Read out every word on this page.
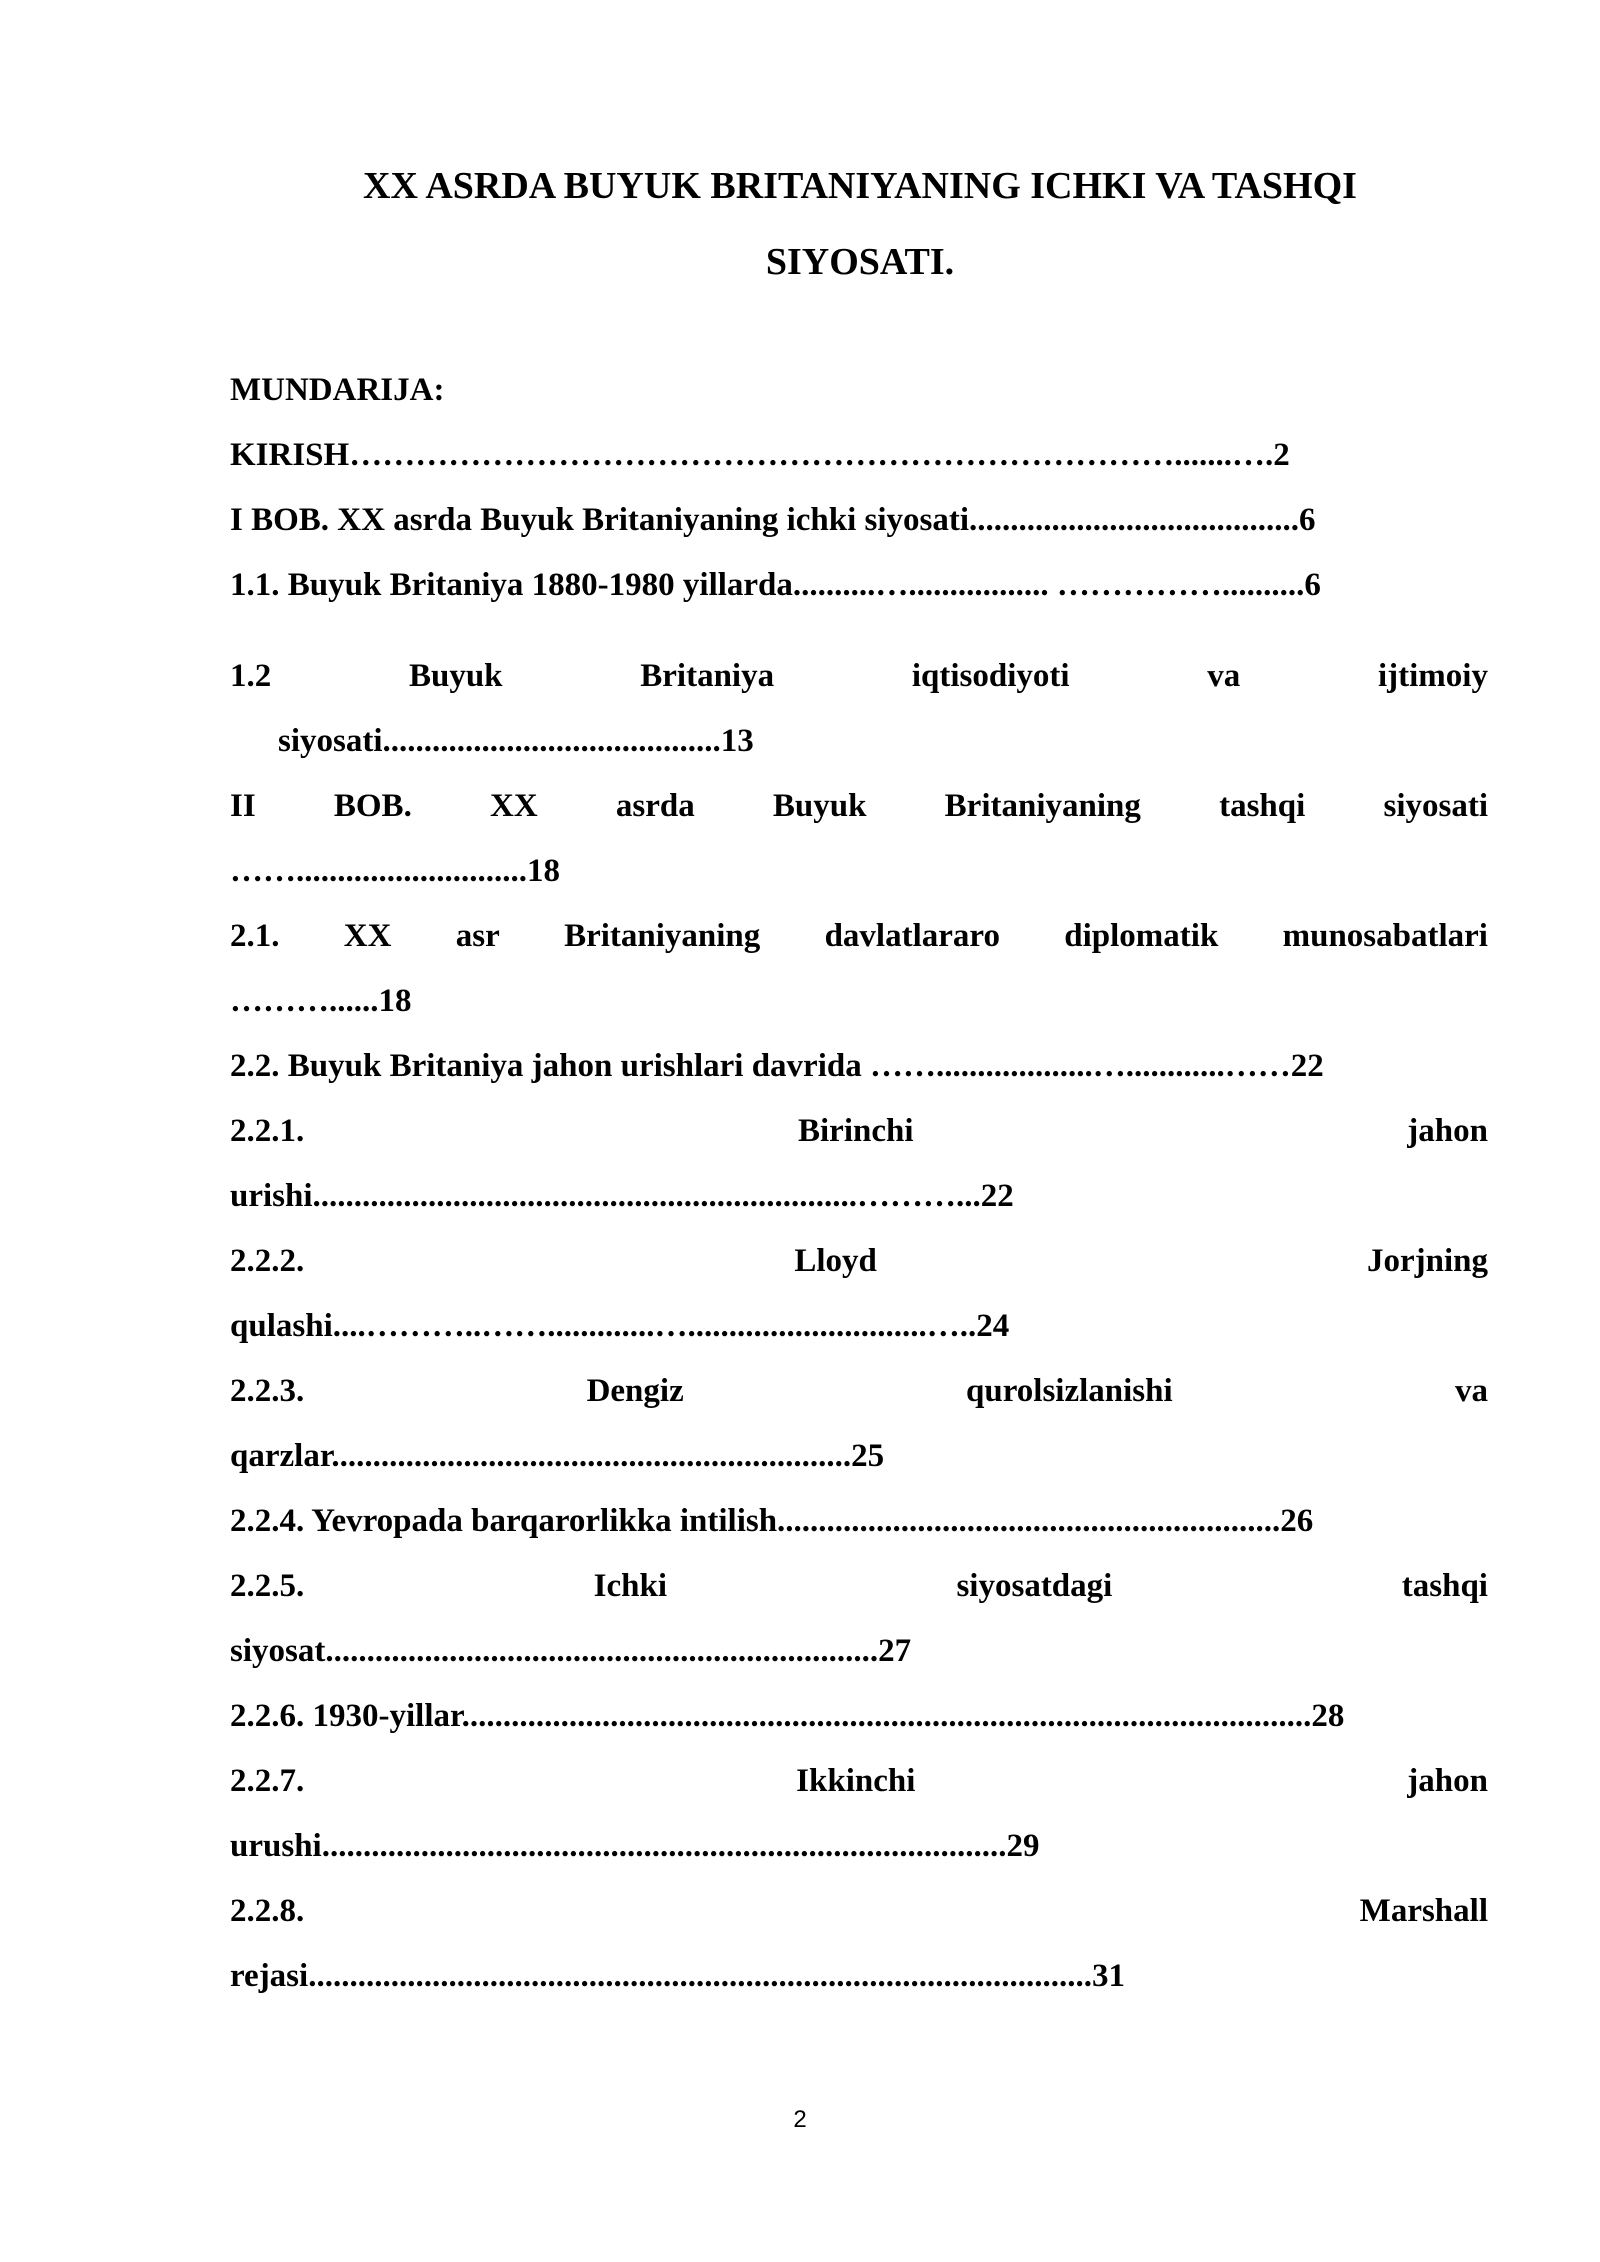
XX ASRDA BUYUK BRITANIYANING ICHKI VA TASHQI
SIYOSATI.
MUNDARIJA:
KIRISH………………………………………………………………….......….2
I BOB. XX asrda Buyuk Britaniyaning ichki siyosati........................................6
1.1. Buyuk Britaniya 1880-1980 yillarda..........…................. ……………..........6
1.2	Buyuk	Britaniya	iqtisodiyoti	va	ijtimoiy
siyosati.........................................13
II BOB. XX asrda Buyuk Britaniyaning tashqi siyosati
……............................18
2.1. XX asr Britaniyaning davlatlararo diplomatik munosabatlari
………......18
2.2. Buyuk Britaniya jahon urishlari davrida ……...................…............……22
2.2.1.	Birinchi	jahon
urishi..................................................................………...22
2.2.2.	Lloyd	Jorjning
qulashi....………..…….............….............................…..24
2.2.3.	Dengiz	qurolsizlanishi	va
qarzlar...............................................................25
2.2.4. Yevropada barqarorlikka intilish.............................................................26
2.2.5.	Ichki	siyosatdagi	tashqi
siyosat...................................................................27
2.2.6. 1930-yillar.......................................................................................................28
2.2.7.	Ikkinchi	jahon
urushi...................................................................................29
2.2.8.	Marshall
rejasi...............................................................................................31
2
